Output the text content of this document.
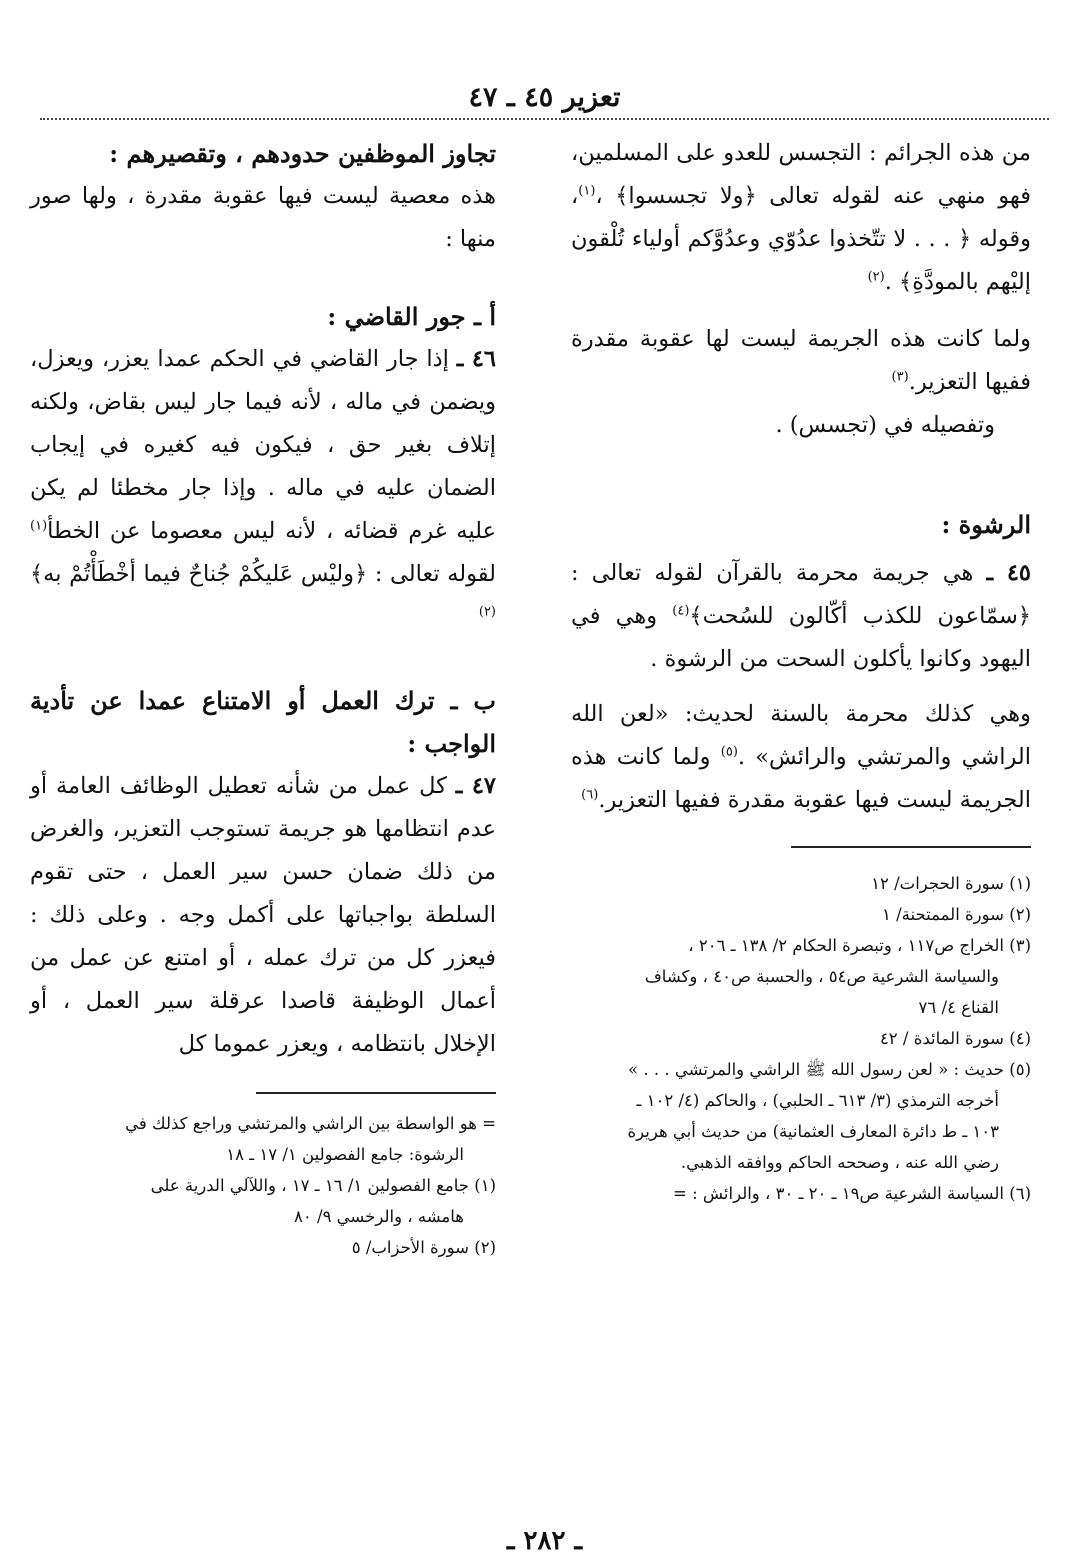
تعزير ٤٥ ـ ٤٧

من هذه الجرائم : التجسس للعدو على المسلمين، فهو منهي عنه لقوله تعالى ﴿ولا تجسسوا﴾ ،$^{(١)}$، وقوله ﴿ . . . لا تتّخذوا عدُوّي وعدُوَّكم أولياء تُلْقون إليْهم بالمودَّةِ﴾ .$^{(٢)}$

ولما كانت هذه الجريمة ليست لها عقوبة مقدرة ففيها التعزير.$^{(٣)}$

وتفصيله في (تجسس) .

الرشوة :

٤٥ ـ هي جريمة محرمة بالقرآن لقوله تعالى : ﴿سمّاعون للكذب أكّالون للسُحت﴾$^{(٤)}$ وهي في اليهود وكانوا يأكلون السحت من الرشوة .

وهي كذلك محرمة بالسنة لحديث: «لعن الله الراشي والمرتشي والرائش» .$^{(٥)}$ ولما كانت هذه الجريمة ليست فيها عقوبة مقدرة ففيها التعزير.$^{(٦)}$

(١) سورة الحجرات/ ١٢
(٢) سورة الممتحنة/ ١
(٣) الخراج ص١١٧ ، وتبصرة الحكام ٢/ ١٣٨ ـ ٢٠٦ ،
والسياسة الشرعية ص٥٤ ، والحسبة ص٤٠ ، وكشاف
القناع ٤/ ٧٦
(٤) سورة المائدة / ٤٢
(٥) حديث : « لعن رسول الله ﷺ الراشي والمرتشي . . . »
أخرجه الترمذي (٣/ ٦١٣ ـ الحلبي) ، والحاكم (٤/ ١٠٢ ـ
١٠٣ ـ ط دائرة المعارف العثمانية) من حديث أبي هريرة
رضي الله عنه ، وصححه الحاكم ووافقه الذهبي.
(٦) السياسة الشرعية ص١٩ ـ ٢٠ ـ ٣٠ ، والرائش : =

تجاوز الموظفين حدودهم ، وتقصيرهم :

هذه معصية ليست فيها عقوبة مقدرة ، ولها صور منها :

أ ـ جور القاضي :

٤٦ ـ إذا جار القاضي في الحكم عمدا يعزر، ويعزل، ويضمن في ماله ، لأنه فيما جار ليس بقاض، ولكنه إتلاف بغير حق ، فيكون فيه كغيره في إيجاب الضمان عليه في ماله . وإذا جار مخطئا لم يكن عليه غرم قضائه ، لأنه ليس معصوما عن الخطأ$^{(١)}$ لقوله تعالى : ﴿وليْس عَليكُمْ جُناحٌ فيما أخْطَأْتُمْ به﴾$^{(٢)}$

ب ـ ترك العمل أو الامتناع عمدا عن تأدية الواجب :

٤٧ ـ كل عمل من شأنه تعطيل الوظائف العامة أو عدم انتظامها هو جريمة تستوجب التعزير، والغرض من ذلك ضمان حسن سير العمل ، حتى تقوم السلطة بواجباتها على أكمل وجه . وعلى ذلك : فيعزر كل من ترك عمله ، أو امتنع عن عمل من أعمال الوظيفة قاصدا عرقلة سير العمل ، أو الإخلال بانتظامه ، ويعزر عموما كل

= هو الواسطة بين الراشي والمرتشي وراجع كذلك في
الرشوة: جامع الفصولين ١/ ١٧ ـ ١٨
(١) جامع الفصولين ١/ ١٦ ـ ١٧ ، واللآلي الدرية على
هامشه ، والرخسي ٩/ ٨٠
(٢) سورة الأحزاب/ ٥
ـ ٢٨٢ ـ
